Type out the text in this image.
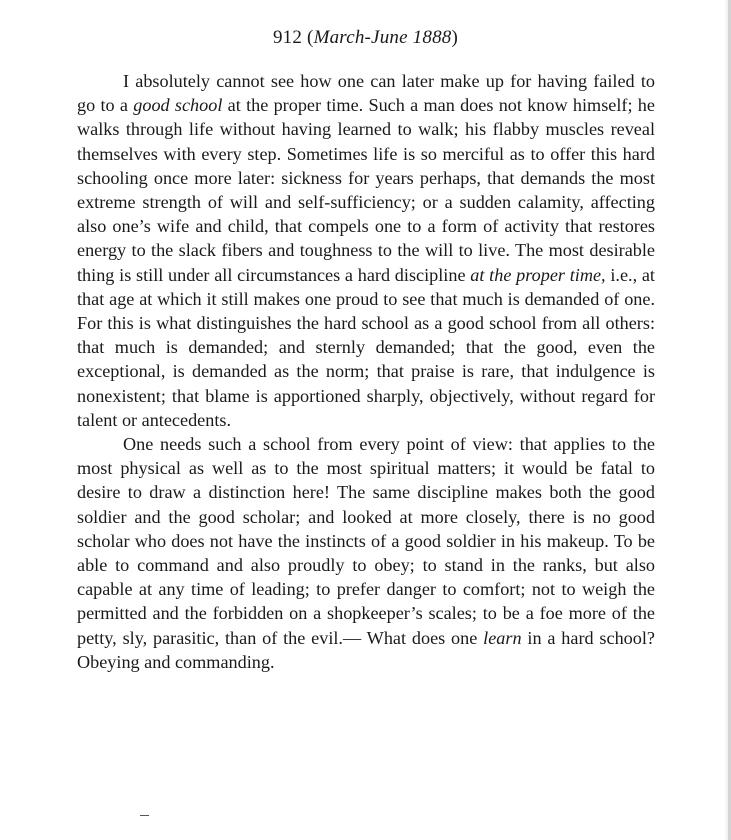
912 (March-June 1888)

I absolutely cannot see how one can later make up for having failed to go to a good school at the proper time. Such a man does not know himself; he walks through life without having learned to walk; his flabby muscles reveal themselves with every step. Sometimes life is so merciful as to offer this hard schooling once more later: sickness for years perhaps, that demands the most extreme strength of will and self-sufficiency; or a sudden calamity, affecting also one’s wife and child, that compels one to a form of activity that restores energy to the slack fibers and toughness to the will to live. The most desirable thing is still under all circumstances a hard discipline at the proper time, i.e., at that age at which it still makes one proud to see that much is demanded of one. For this is what distinguishes the hard school as a good school from all others: that much is demanded; and sternly demanded; that the good, even the exceptional, is demanded as the norm; that praise is rare, that indulgence is nonexistent; that blame is apportioned sharply, objectively, without regard for talent or antecedents.

One needs such a school from every point of view: that applies to the most physical as well as to the most spiritual matters; it would be fatal to desire to draw a distinction here! The same discipline makes both the good soldier and the good scholar; and looked at more closely, there is no good scholar who does not have the instincts of a good soldier in his makeup. To be able to command and also proudly to obey; to stand in the ranks, but also capable at any time of leading; to prefer danger to comfort; not to weigh the permitted and the forbidden on a shopkeeper’s scales; to be a foe more of the petty, sly, parasitic, than of the evil.— What does one learn in a hard school? Obeying and commanding.
